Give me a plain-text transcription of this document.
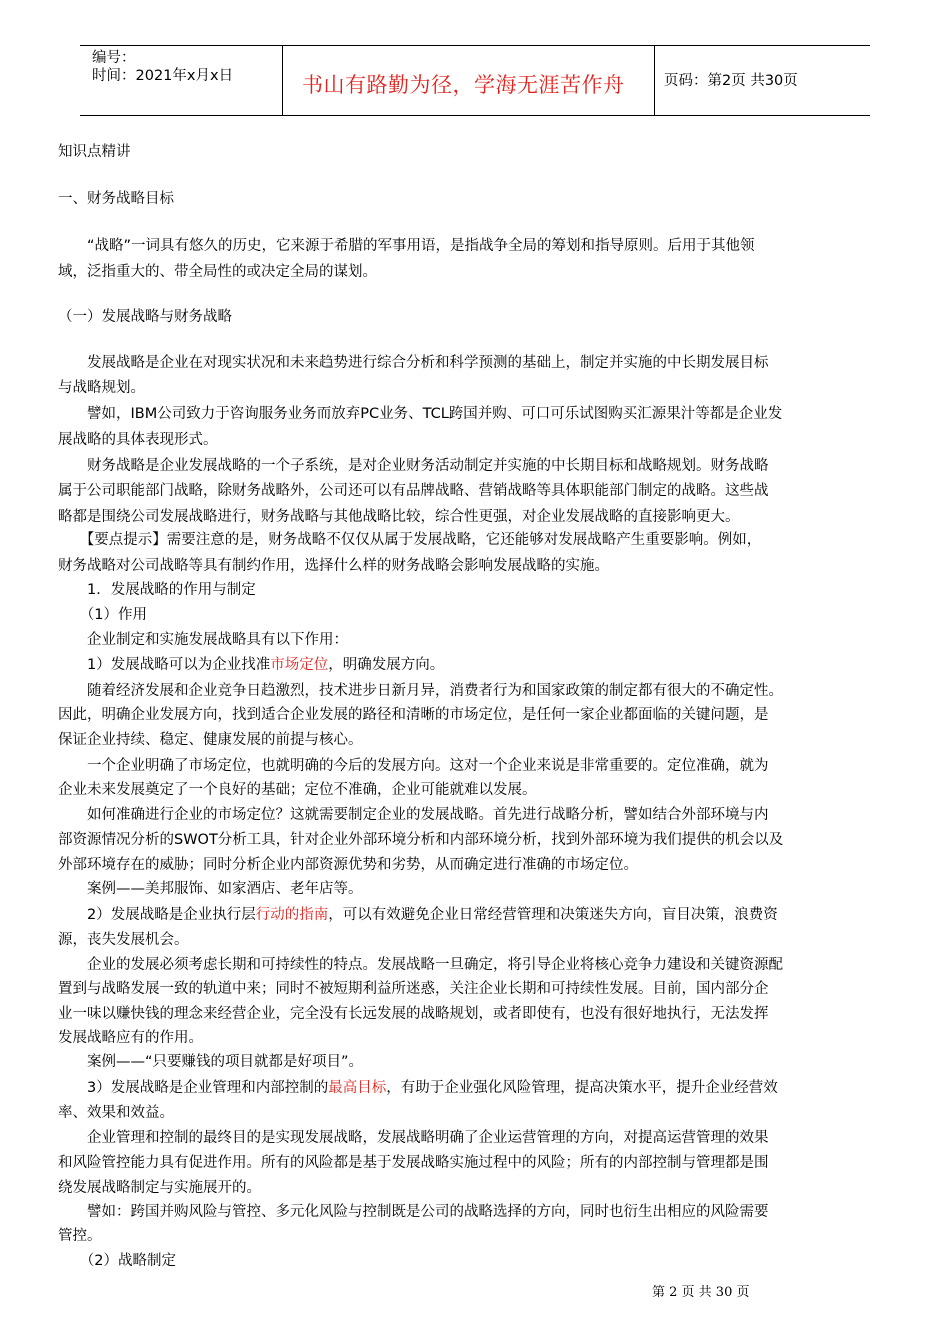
编号：
时间：2021年x月x日	书山有路勤为径，学海无涯苦作舟	页码：第2页 共30页
知识点精讲
一、财务战略目标
　　“战略”一词具有悠久的历史，它来源于希腊的军事用语，是指战争全局的筹划和指导原则。后用于其他领
域，泛指重大的、带全局性的或决定全局的谋划。
（一）发展战略与财务战略
　　发展战略是企业在对现实状况和未来趋势进行综合分析和科学预测的基础上，制定并实施的中长期发展目标
与战略规划。
　　譬如，IBM公司致力于咨询服务业务而放弃PC业务、TCL跨国并购、可口可乐试图购买汇源果汁等都是企业发
展战略的具体表现形式。
　　财务战略是企业发展战略的一个子系统，是对企业财务活动制定并实施的中长期目标和战略规划。财务战略
属于公司职能部门战略，除财务战略外，公司还可以有品牌战略、营销战略等具体职能部门制定的战略。这些战
略都是围绕公司发展战略进行，财务战略与其他战略比较，综合性更强，对企业发展战略的直接影响更大。
　　【要点提示】需要注意的是，财务战略不仅仅从属于发展战略，它还能够对发展战略产生重要影响。例如，
财务战略对公司战略等具有制约作用，选择什么样的财务战略会影响发展战略的实施。
　　1．发展战略的作用与制定
　　（1）作用
　　企业制定和实施发展战略具有以下作用：
　　1）发展战略可以为企业找准市场定位，明确发展方向。
　　随着经济发展和企业竞争日趋激烈，技术进步日新月异，消费者行为和国家政策的制定都有很大的不确定性。
因此，明确企业发展方向，找到适合企业发展的路径和清晰的市场定位，是任何一家企业都面临的关键问题，是
保证企业持续、稳定、健康发展的前提与核心。
　　一个企业明确了市场定位，也就明确的今后的发展方向。这对一个企业来说是非常重要的。定位准确，就为
企业未来发展奠定了一个良好的基础；定位不准确，企业可能就难以发展。
　　如何准确进行企业的市场定位？这就需要制定企业的发展战略。首先进行战略分析，譬如结合外部环境与内
部资源情况分析的SWOT分析工具，针对企业外部环境分析和内部环境分析，找到外部环境为我们提供的机会以及
外部环境存在的威胁；同时分析企业内部资源优势和劣势，从而确定进行准确的市场定位。
　　案例——美邦服饰、如家酒店、老年店等。
　　2）发展战略是企业执行层行动的指南，可以有效避免企业日常经营管理和决策迷失方向，盲目决策，浪费资
源，丧失发展机会。
　　企业的发展必须考虑长期和可持续性的特点。发展战略一旦确定，将引导企业将核心竞争力建设和关键资源配
置到与战略发展一致的轨道中来；同时不被短期利益所迷惑，关注企业长期和可持续性发展。目前，国内部分企
业一味以赚快钱的理念来经营企业，完全没有长远发展的战略规划，或者即使有，也没有很好地执行，无法发挥
发展战略应有的作用。
　　案例——“只要赚钱的项目就都是好项目”。
　　3）发展战略是企业管理和内部控制的最高目标，有助于企业强化风险管理，提高决策水平，提升企业经营效
率、效果和效益。
　　企业管理和控制的最终目的是实现发展战略，发展战略明确了企业运营管理的方向，对提高运营管理的效果
和风险管控能力具有促进作用。所有的风险都是基于发展战略实施过程中的风险；所有的内部控制与管理都是围
绕发展战略制定与实施展开的。
　　譬如：跨国并购风险与管控、多元化风险与控制既是公司的战略选择的方向，同时也衍生出相应的风险需要
管控。
　　（2）战略制定
第 2 页 共 30 页
